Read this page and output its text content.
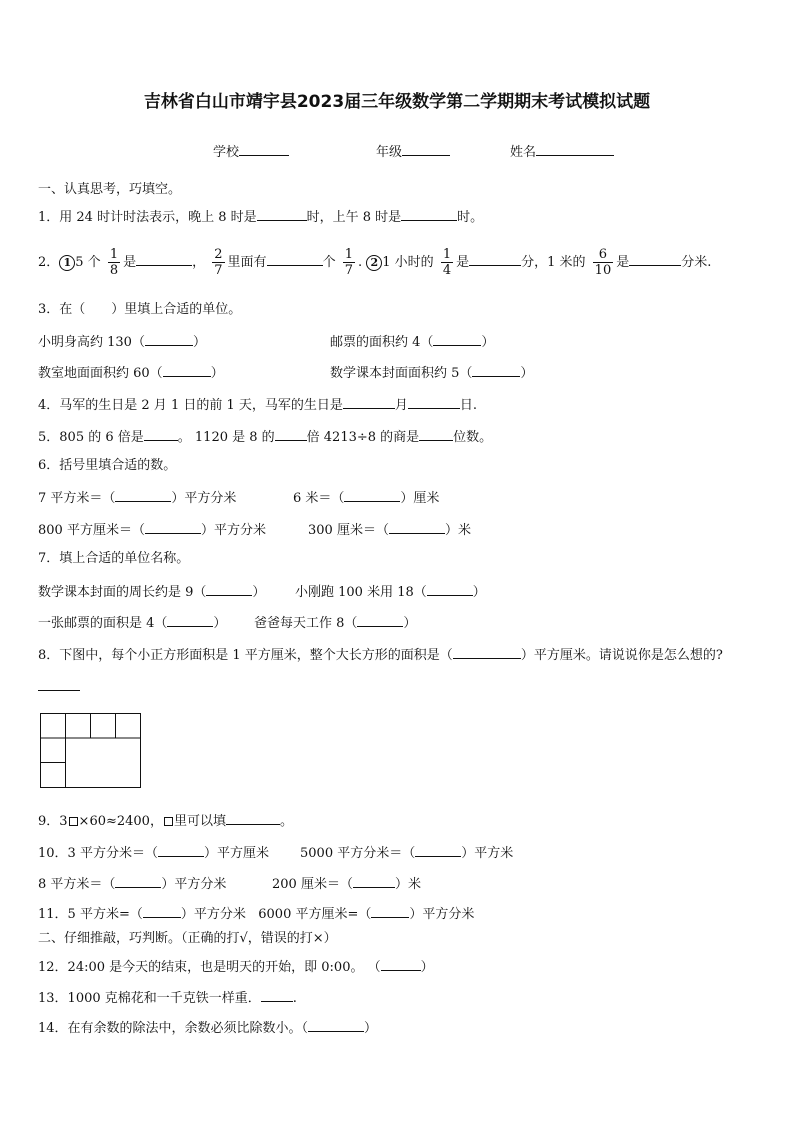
吉林省白山市靖宇县2023届三年级数学第二学期期末考试模拟试题
学校	年级	姓名
一、认真思考，巧填空。
1．用 24 时计时法表示，晚上 8 时是	时，上午 8 时是	时。
2． 1 5 个 $\frac{1}{8}$ 是	， $\frac{2}{7}$ 里面有	个 $\frac{1}{7}$ . 2 1 小时的 $\frac{1}{4}$ 是	分，1 米的 $\frac{6}{10}$ 是	分米.
3．在（　　）里填上合适的单位。
小明身高约 130（	）	邮票的面积约 4（	）
教室地面面积约 60（	）	数学课本封面面积约 5（	）
4．马军的生日是 2 月 1 日的前 1 天，马军的生日是	月	日.
5．805 的 6 倍是	。 1120 是 8 的 倍 4213÷8 的商是	位数。
6．括号里填合适的数。
7 平方米＝（	）平方分米	6 米＝（	）厘米
800 平方厘米＝（	）平方分米	300 厘米＝（	）米
7．填上合适的单位名称。
数学课本封面的周长约是 9（	） 小刚跑 100 米用 18（	）
一张邮票的面积是 4（	） 爸爸每天工作 8（	）
8．下图中，每个小正方形面积是 1 平方厘米，整个大长方形的面积是（	）平方厘米。请说说你是怎么想的?
9．3 ×60≈2400， 里可以填	。
10．3 平方分米＝（	）平方厘米 5000 平方分米＝（	）平方米
8 平方米＝（	）平方分米	200 厘米＝（	）米
11．5 平方米=（	）平方分米 6000 平方厘米=（	）平方分米
二、仔细推敲，巧判断。（正确的打√，错误的打×）
12．24:00 是今天的结束，也是明天的开始，即 0:00。 （	）
13．1000 克棉花和一千克铁一样重． .
14．在有余数的除法中，余数必须比除数小。（	）
